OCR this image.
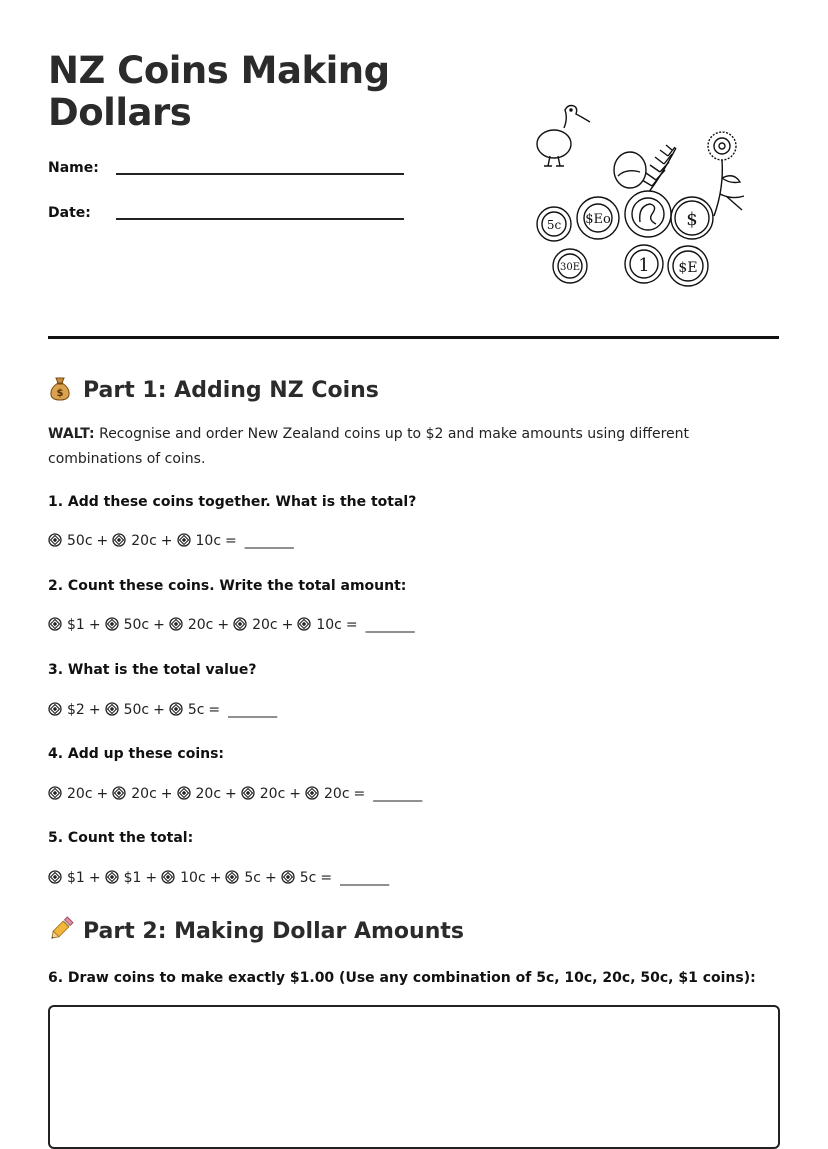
NZ Coins Making
Dollars
Name:
Date:
5c $Eo	$
30E	1 $E
$ Part 1: Adding NZ Coins
WALT: Recognise and order New Zealand coins up to $2 and make amounts using different combinations of coins.
1. Add these coins together. What is the total?
50c + 20c + 10c = _______
2. Count these coins. Write the total amount:
$1 + 50c + 20c + 20c + 10c = _______
3. What is the total value?
$2 + 50c + 5c = _______
4. Add up these coins:
20c + 20c + 20c + 20c + 20c = _______
5. Count the total:
$1 + $1 + 10c + 5c + 5c = _______
Part 2: Making Dollar Amounts
6. Draw coins to make exactly $1.00 (Use any combination of 5c, 10c, 20c, 50c, $1 coins):
